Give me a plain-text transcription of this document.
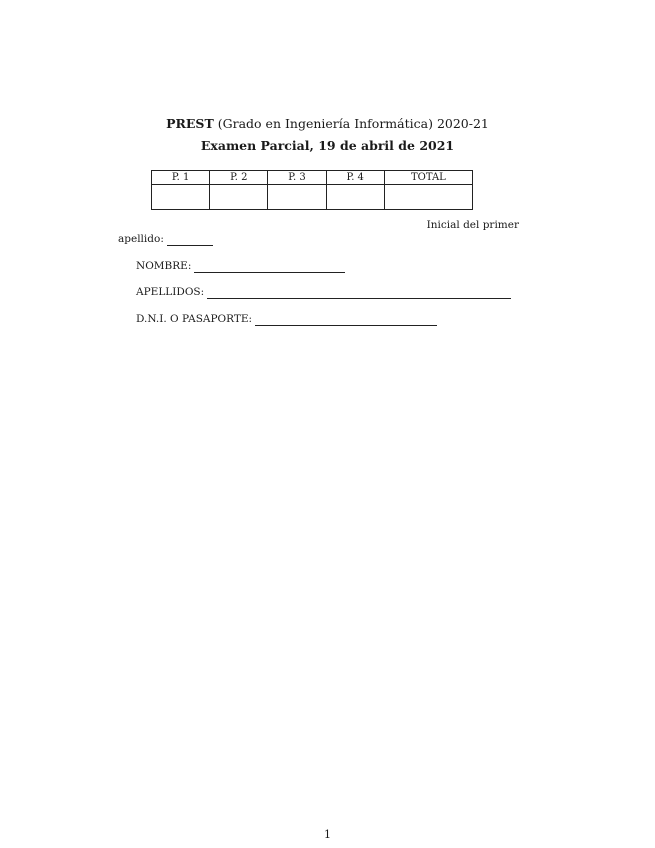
PREST (Grado en Ingeniería Informática) 2020-21
Examen Parcial, 19 de abril de 2021
P. 1	P. 2	P. 3	P. 4	TOTAL

Inicial del primer
apellido:
NOMBRE:
APELLIDOS:
D.N.I. O PASAPORTE:
1
